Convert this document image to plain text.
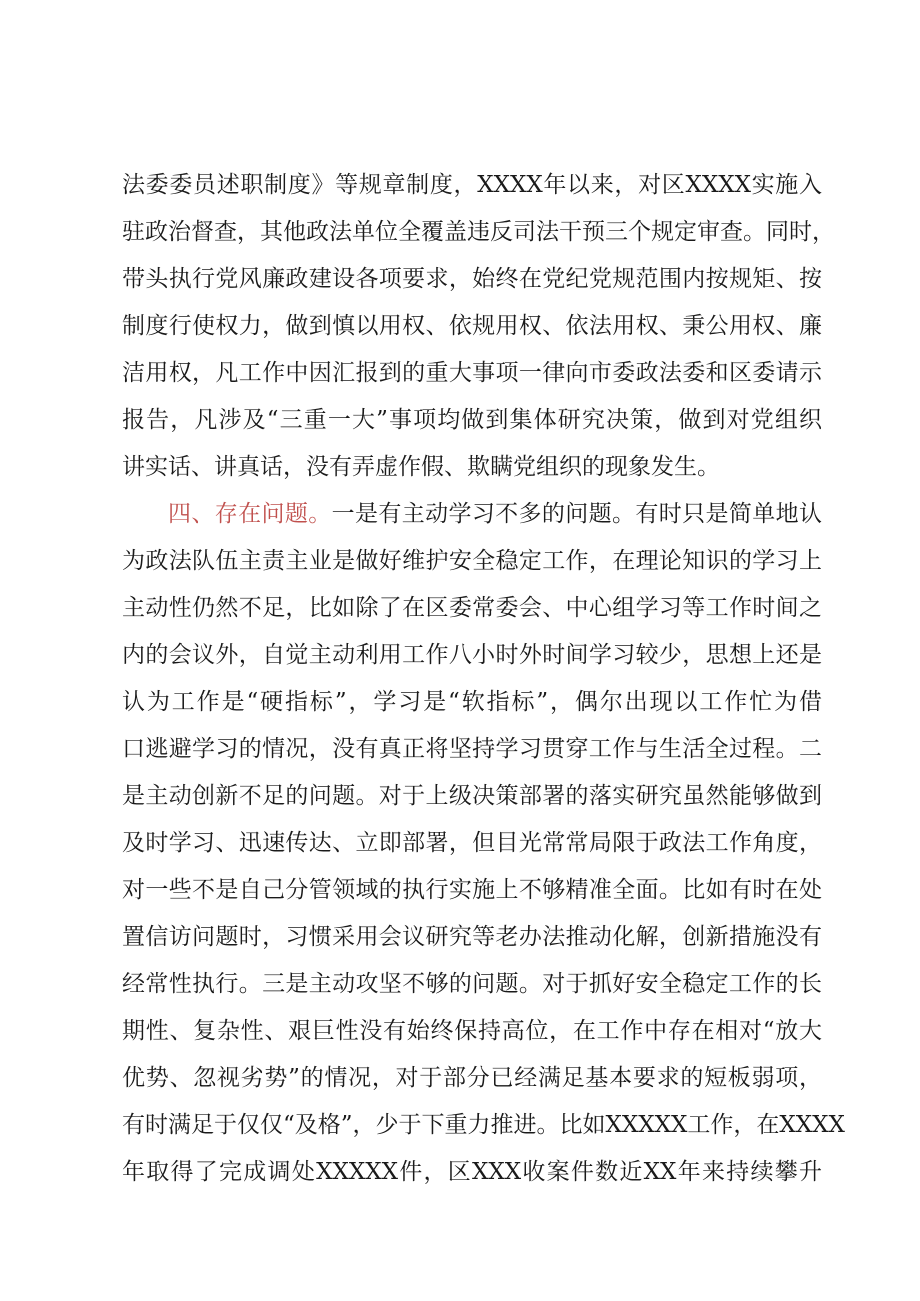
法委委员述职制度》等规章制度，XXXX年以来，对区XXXX实施入
驻政治督查，其他政法单位全覆盖违反司法干预三个规定审查。同时，
带头执行党风廉政建设各项要求，始终在党纪党规范围内按规矩、按
制度行使权力，做到慎以用权、依规用权、依法用权、秉公用权、廉
洁用权，凡工作中因汇报到的重大事项一律向市委政法委和区委请示
报告，凡涉及“三重一大”事项均做到集体研究决策，做到对党组织
讲实话、讲真话，没有弄虚作假、欺瞒党组织的现象发生。
四、存在问题。一是有主动学习不多的问题。有时只是简单地认
为政法队伍主责主业是做好维护安全稳定工作，在理论知识的学习上
主动性仍然不足，比如除了在区委常委会、中心组学习等工作时间之
内的会议外，自觉主动利用工作八小时外时间学习较少，思想上还是
认为工作是“硬指标”，学习是“软指标”，偶尔出现以工作忙为借
口逃避学习的情况，没有真正将坚持学习贯穿工作与生活全过程。二
是主动创新不足的问题。对于上级决策部署的落实研究虽然能够做到
及时学习、迅速传达、立即部署，但目光常常局限于政法工作角度，
对一些不是自己分管领域的执行实施上不够精准全面。比如有时在处
置信访问题时，习惯采用会议研究等老办法推动化解，创新措施没有
经常性执行。三是主动攻坚不够的问题。对于抓好安全稳定工作的长
期性、复杂性、艰巨性没有始终保持高位，在工作中存在相对“放大
优势、忽视劣势”的情况，对于部分已经满足基本要求的短板弱项，
有时满足于仅仅“及格”，少于下重力推进。比如XXXXX工作，在XXXX
年取得了完成调处XXXXX件，区XXX收案件数近XX年来持续攀升
